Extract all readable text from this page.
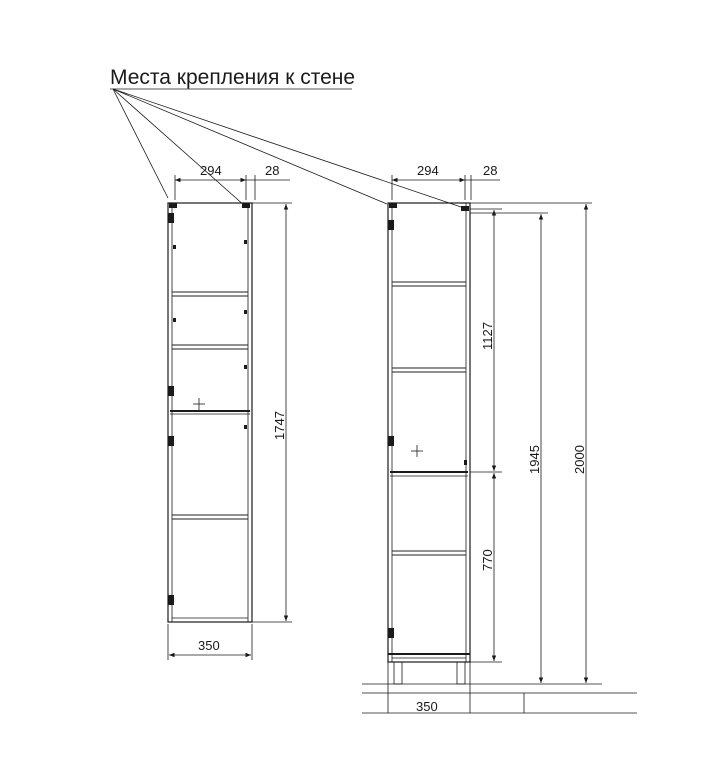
Места крепления к стене
294	28
1747
350
294	28
1127
770
1945 2000
350
